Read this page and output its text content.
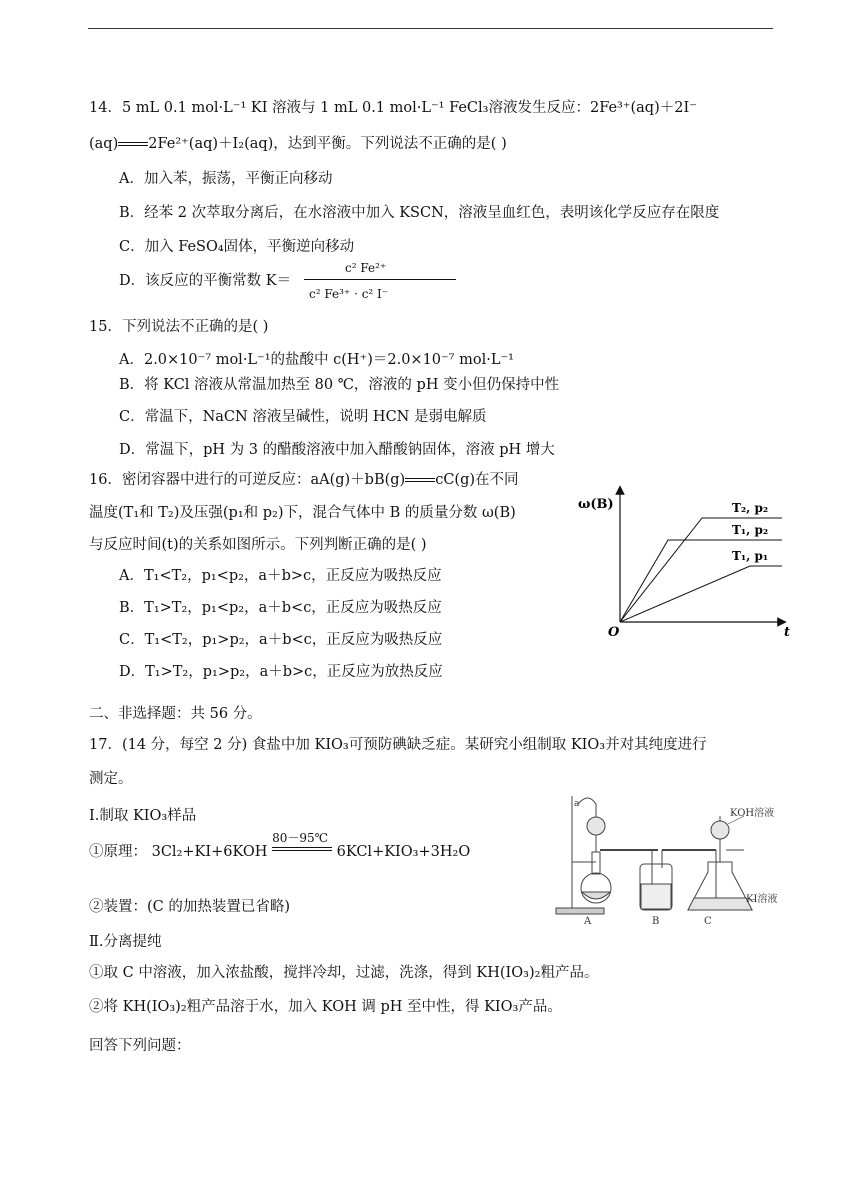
14．5 mL 0.1 mol·L⁻¹ KI 溶液与 1 mL 0.1 mol·L⁻¹ FeCl₃溶液发生反应：2Fe³⁺(aq)＋2I⁻
(aq) 2Fe²⁺(aq)＋I₂(aq)，达到平衡。下列说法不正确的是( )
A．加入苯，振荡，平衡正向移动
B．经苯 2 次萃取分离后，在水溶液中加入 KSCN，溶液呈血红色，表明该化学反应存在限度
C．加入 FeSO₄固体，平衡逆向移动
D．该反应的平衡常数 K＝
c² Fe²⁺
c² Fe³⁺ · c² I⁻
15．下列说法不正确的是( )
A．2.0×10⁻⁷ mol·L⁻¹的盐酸中 c(H⁺)＝2.0×10⁻⁷ mol·L⁻¹
B．将 KCl 溶液从常温加热至 80 ℃，溶液的 pH 变小但仍保持中性
C．常温下，NaCN 溶液呈碱性，说明 HCN 是弱电解质
D．常温下，pH 为 3 的醋酸溶液中加入醋酸钠固体，溶液 pH 增大
16．密闭容器中进行的可逆反应：aA(g)＋bB(g) cC(g)在不同
温度(T₁和 T₂)及压强(p₁和 p₂)下，混合气体中 B 的质量分数 ω(B)
与反应时间(t)的关系如图所示。下列判断正确的是( )
A．T₁<T₂，p₁<p₂，a＋b>c，正反应为吸热反应
B．T₁>T₂，p₁<p₂，a＋b<c，正反应为吸热反应
C．T₁<T₂，p₁>p₂，a＋b<c，正反应为吸热反应
D．T₁>T₂，p₁>p₂，a＋b>c，正反应为放热反应
ω(B)
O	t
T₂, p₂
T₁, p₂
T₁, p₁
二、非选择题：共 56 分。
17．(14 分，每空 2 分) 食盐中加 KIO₃可预防碘缺乏症。某研究小组制取 KIO₃并对其纯度进行
测定。
Ⅰ.制取 KIO₃样品
①原理： 3Cl₂+KI+6KOH
80－95℃
6KCl+KIO₃+3H₂O
②装置：(C 的加热装置已省略)
Ⅱ.分离提纯
①取 C 中溶液，加入浓盐酸，搅拌冷却，过滤，洗涤，得到 KH(IO₃)₂粗产品。
②将 KH(IO₃)₂粗产品溶于水，加入 KOH 调 pH 至中性，得 KIO₃产品。
回答下列问题：
a
KOH溶液
KI溶液
A	B	C
